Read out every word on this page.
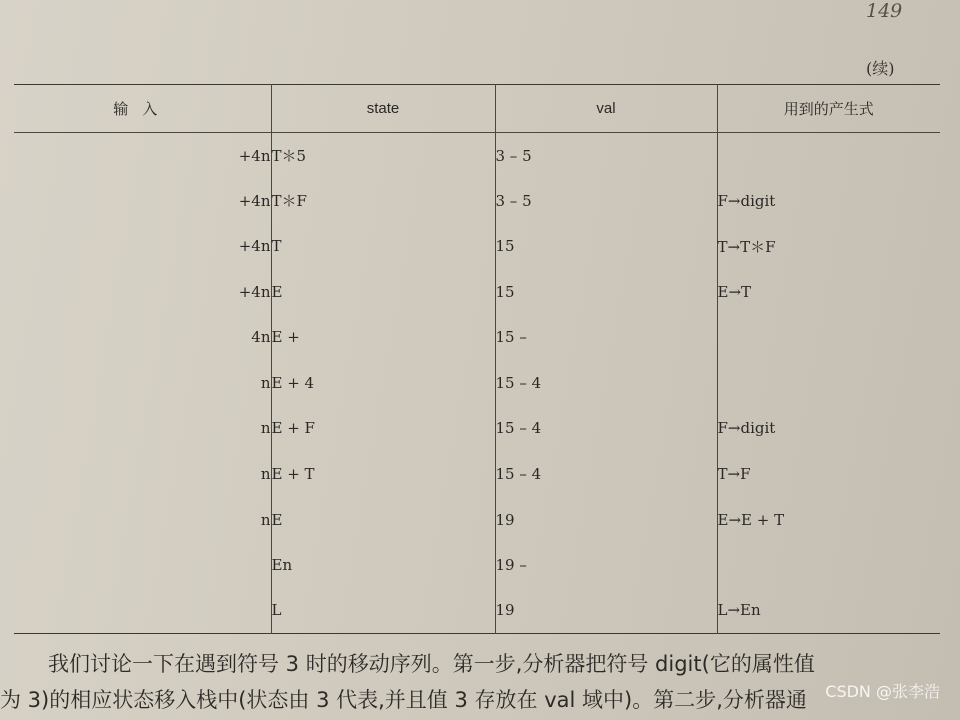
149
(续)
输入	state	val	用到的产生式
+4n	T＊5	3 – 5	
+4n	T＊F	3 – 5	F→digit
+4n	T	15	T→T＊F
+4n	E	15	E→T
4n	E +	15 –	
n	E + 4	15 – 4	
n	E + F	15 – 4	F→digit
n	E + T	15 – 4	T→F
n	E	19	E→E + T
	En	19 –	
	L	19	L→En
我们讨论一下在遇到符号 3 时的移动序列。第一步,分析器把符号 digit(它的属性值
为 3)的相应状态移入栈中(状态由 3 代表,并且值 3 存放在 val 域中)。第二步,分析器通	CSDN @张李浩
